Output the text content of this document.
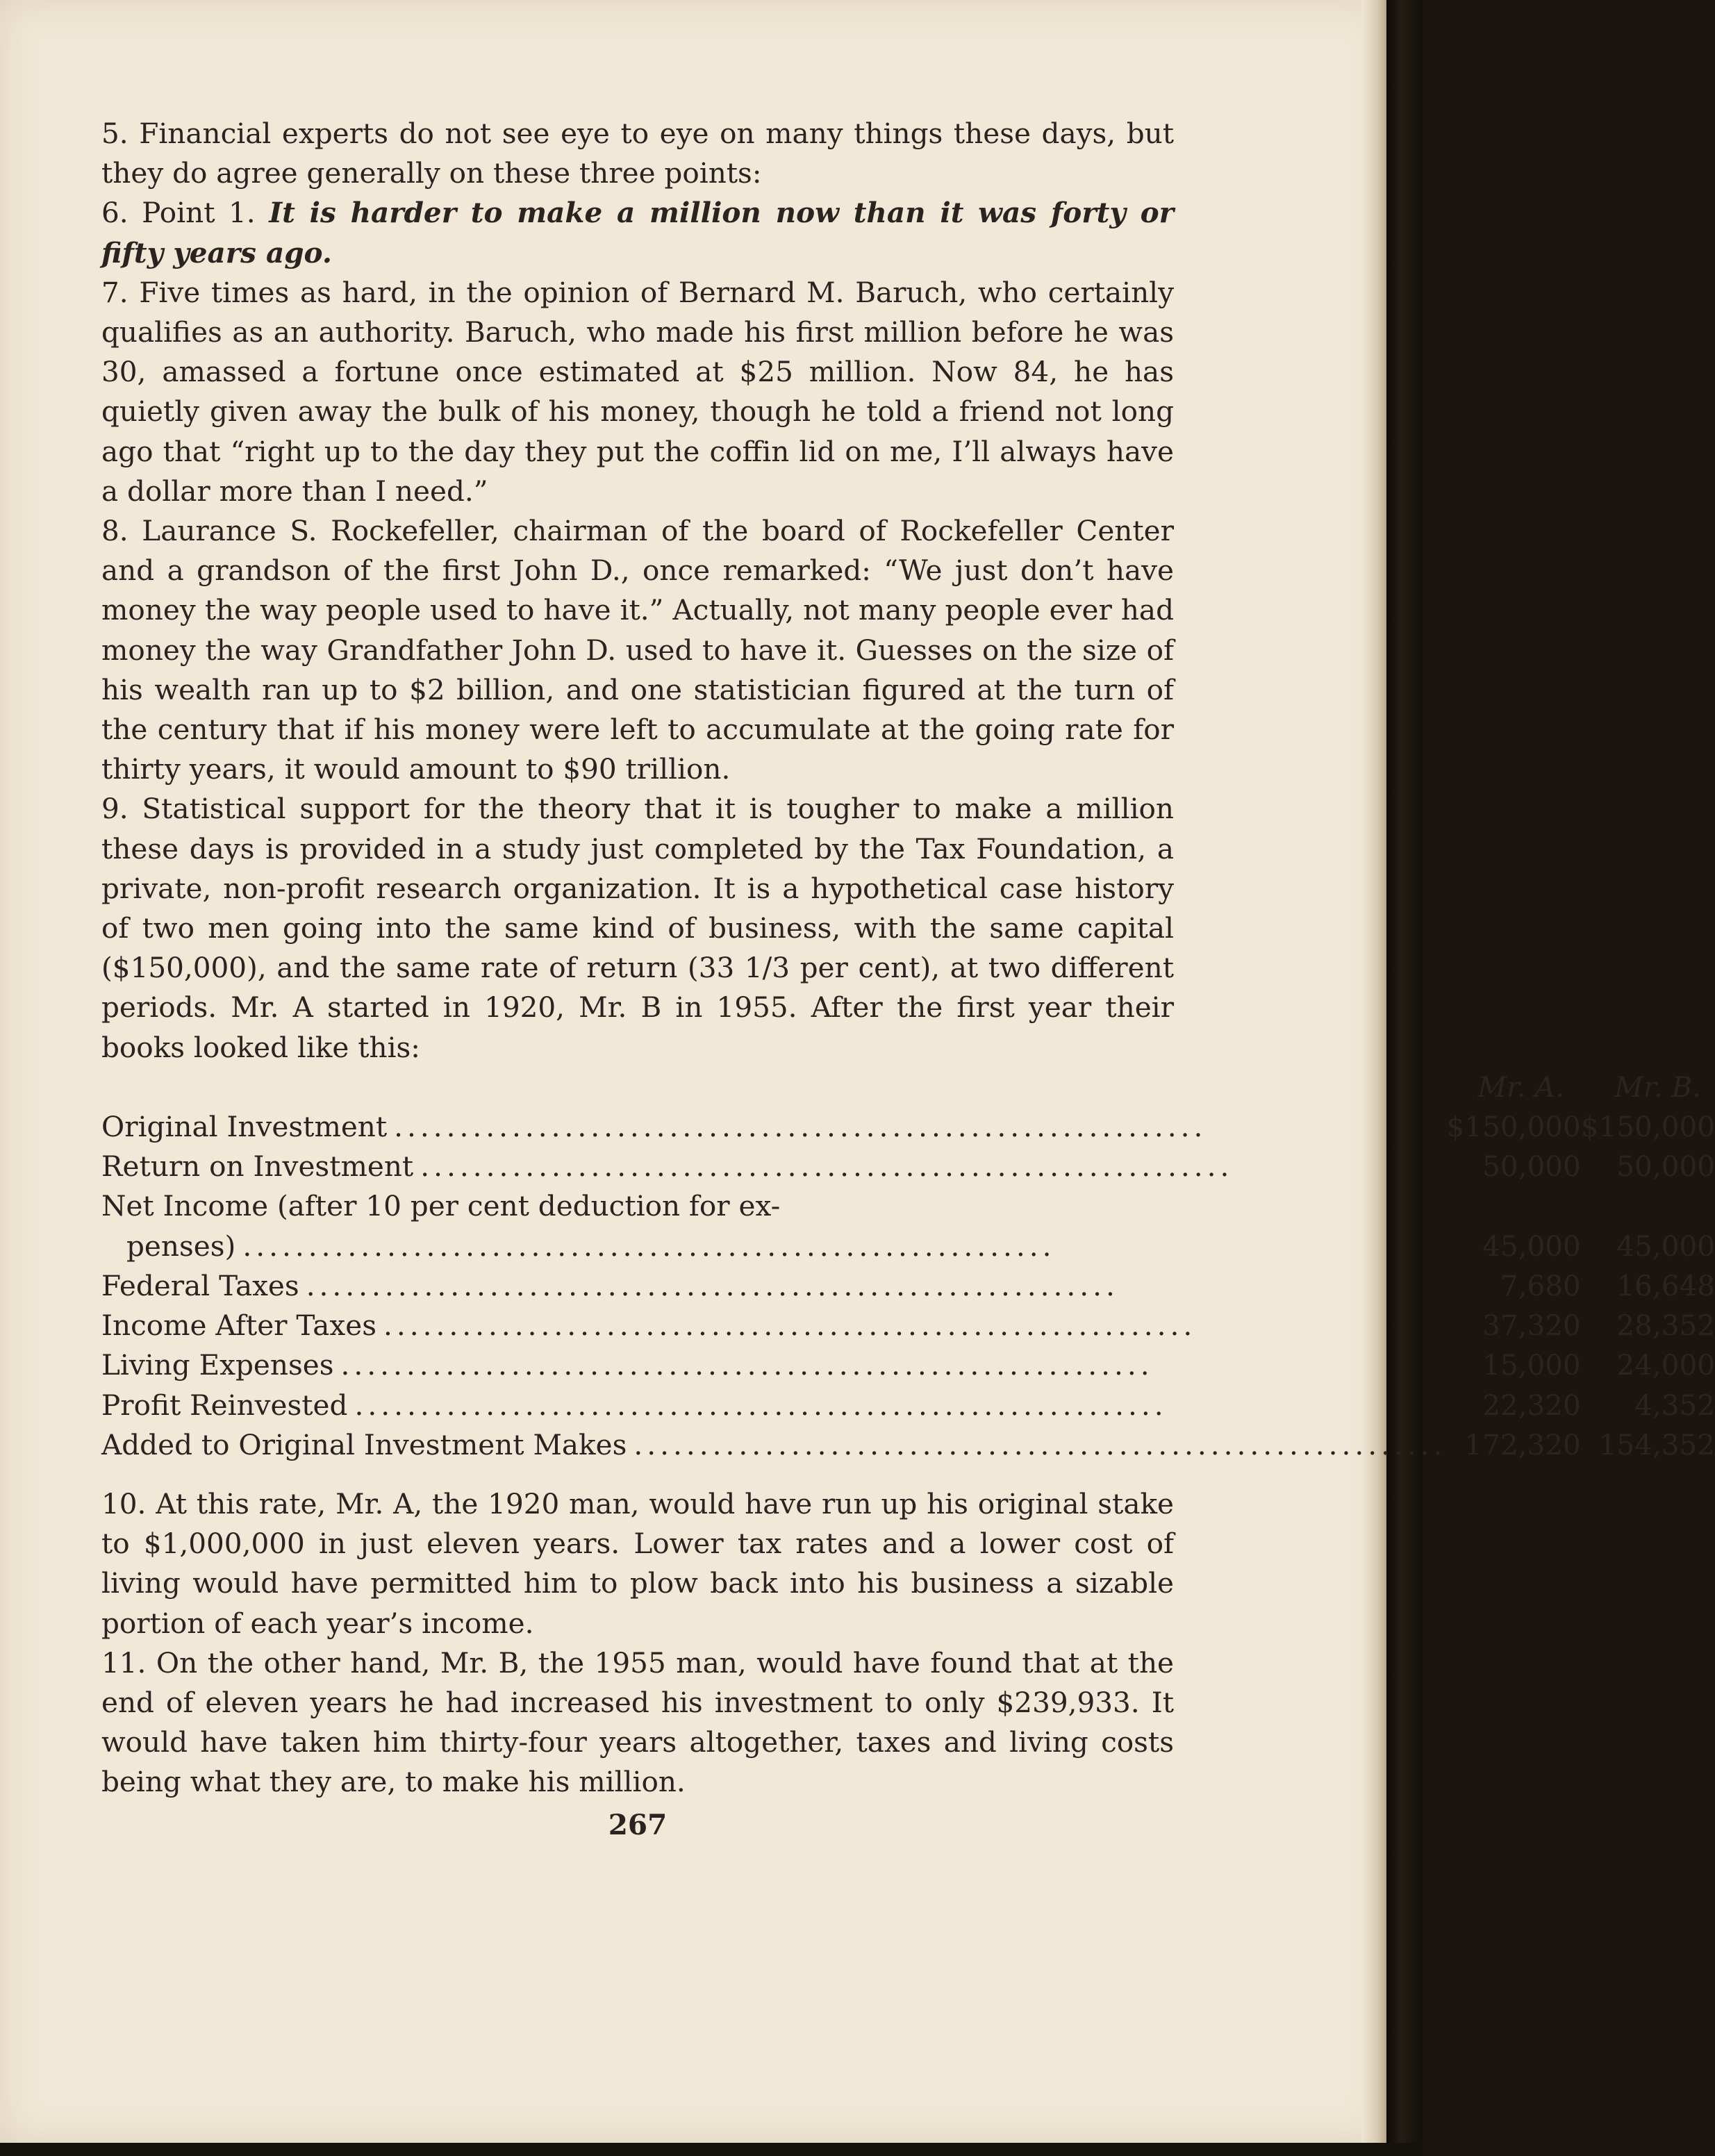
5. Financial experts do not see eye to eye on many things these days, but they do agree generally on these three points:

6. Point 1. It is harder to make a million now than it was forty or fifty years ago.

7. Five times as hard, in the opinion of Bernard M. Baruch, who certainly qualifies as an authority. Baruch, who made his first million before he was 30, amassed a fortune once estimated at $25 million. Now 84, he has quietly given away the bulk of his money, though he told a friend not long ago that “right up to the day they put the coffin lid on me, I’ll always have a dollar more than I need.”

8. Laurance S. Rockefeller, chairman of the board of Rockefeller Center and a grandson of the first John D., once remarked: “We just don’t have money the way people used to have it.” Actually, not many people ever had money the way Grandfather John D. used to have it. Guesses on the size of his wealth ran up to $2 billion, and one statistician figured at the turn of the century that if his money were left to accumulate at the going rate for thirty years, it would amount to $90 trillion.

9. Statistical support for the theory that it is tougher to make a million these days is provided in a study just completed by the Tax Foundation, a private, non-profit research organization. It is a hypothetical case history of two men going into the same kind of business, with the same capital ($150,000), and the same rate of return (33 1/3 per cent), at two different periods. Mr. A started in 1920, Mr. B in 1955. After the first year their books looked like this:

	Mr. A.	Mr. B.

Original Investment ..............................................................	$150,000	$150,000

Return on Investment ..............................................................	50,000	50,000

Net Income (after 10 per cent deduction for ex-
penses) ..............................................................	45,000	45,000

Federal Taxes ..............................................................	7,680	16,648

Income After Taxes ..............................................................	37,320	28,352

Living Expenses ..............................................................	15,000	24,000

Profit Reinvested ..............................................................	22,320	4,352

Added to Original Investment Makes ..............................................................	172,320	154,352

10. At this rate, Mr. A, the 1920 man, would have run up his original stake to $1,000,000 in just eleven years. Lower tax rates and a lower cost of living would have permitted him to plow back into his business a sizable portion of each year’s income.

11. On the other hand, Mr. B, the 1955 man, would have found that at the end of eleven years he had increased his investment to only $239,933. It would have taken him thirty-four years altogether, taxes and living costs being what they are, to make his million.

267
